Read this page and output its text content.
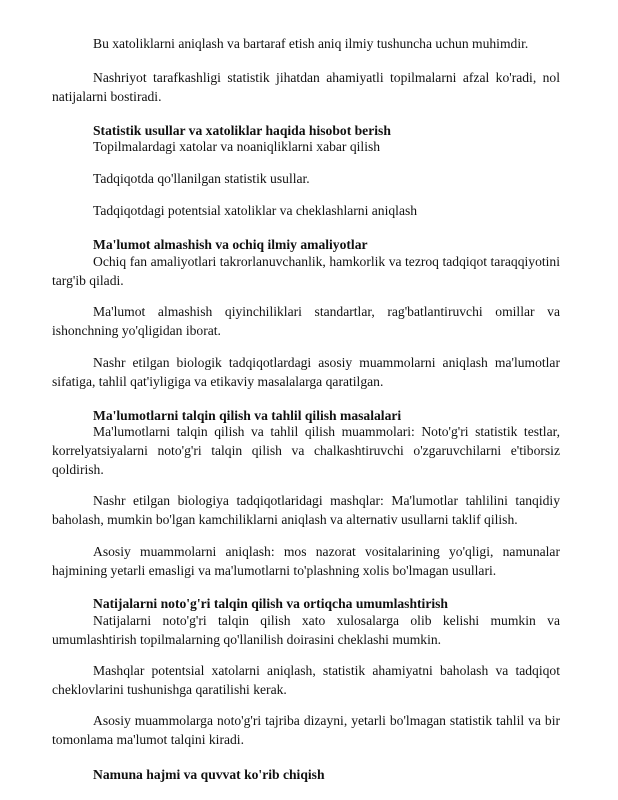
Bu xatoliklarni aniqlash va bartaraf etish aniq ilmiy tushuncha uchun muhimdir.

Nashriyot tarafkashligi statistik jihatdan ahamiyatli topilmalarni afzal ko'radi, nol natijalarni bostiradi.

Statistik usullar va xatoliklar haqida hisobot berish

Topilmalardagi xatolar va noaniqliklarni xabar qilish

Tadqiqotda qo'llanilgan statistik usullar.

Tadqiqotdagi potentsial xatoliklar va cheklashlarni aniqlash

Ma'lumot almashish va ochiq ilmiy amaliyotlar

Ochiq fan amaliyotlari takrorlanuvchanlik, hamkorlik va tezroq tadqiqot taraqqiyotini targ'ib qiladi.

Ma'lumot almashish qiyinchiliklari standartlar, rag'batlantiruvchi omillar va ishonchning yo'qligidan iborat.

Nashr etilgan biologik tadqiqotlardagi asosiy muammolarni aniqlash ma'lumotlar sifatiga, tahlil qat'iyligiga va etikaviy masalalarga qaratilgan.

Ma'lumotlarni talqin qilish va tahlil qilish masalalari

Ma'lumotlarni talqin qilish va tahlil qilish muammolari: Noto'g'ri statistik testlar, korrelyatsiyalarni noto'g'ri talqin qilish va chalkashtiruvchi o'zgaruvchilarni e'tiborsiz qoldirish.

Nashr etilgan biologiya tadqiqotlaridagi mashqlar: Ma'lumotlar tahlilini tanqidiy baholash, mumkin bo'lgan kamchiliklarni aniqlash va alternativ usullarni taklif qilish.

Asosiy muammolarni aniqlash: mos nazorat vositalarining yo'qligi, namunalar hajmining yetarli emasligi va ma'lumotlarni to'plashning xolis bo'lmagan usullari.

Natijalarni noto'g'ri talqin qilish va ortiqcha umumlashtirish

Natijalarni noto'g'ri talqin qilish xato xulosalarga olib kelishi mumkin va umumlashtirish topilmalarning qo'llanilish doirasini cheklashi mumkin.

Mashqlar potentsial xatolarni aniqlash, statistik ahamiyatni baholash va tadqiqot cheklovlarini tushunishga qaratilishi kerak.

Asosiy muammolarga noto'g'ri tajriba dizayni, yetarli bo'lmagan statistik tahlil va bir tomonlama ma'lumot talqini kiradi.

Namuna hajmi va quvvat ko'rib chiqish
